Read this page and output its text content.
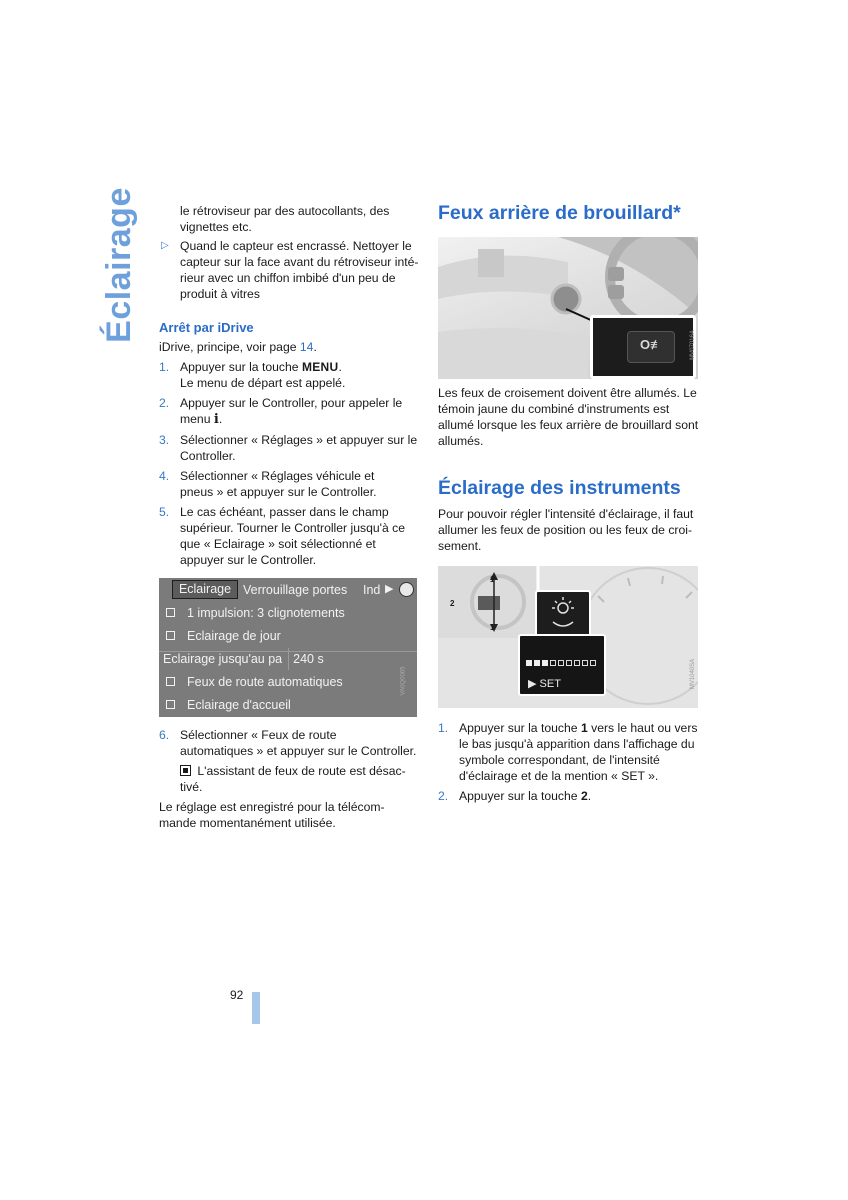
Éclairage	le rétroviseur par des autocollants, des

vignettes etc.

▷ Quand le capteur est encrassé. Nettoyer le

capteur sur la face avant du rétroviseur inté-

rieur avec un chiffon imbibé d'un peu de

produit à vitres

Arrêt par iDrive

iDrive, principe, voir page 14.

1. Appuyer sur la touche MENU.

Le menu de départ est appelé.

2. Appuyer sur le Controller, pour appeler le

menu i.

3. Sélectionner « Réglages » et appuyer sur le

Controller.

4. Sélectionner « Réglages véhicule et

pneus » et appuyer sur le Controller.

5. Le cas échéant, passer dans le champ

supérieur. Tourner le Controller jusqu'à ce

que « Eclairage » soit sélectionné et

appuyer sur le Controller.

Eclairage Verrouillage portes Ind ▶
1 impulsion: 3 clignotements
Eclairage de jour
Eclairage jusqu'au pa 240 s
Feux de route automatiques
Eclairage d'accueil
VA0Q0065
6. Sélectionner « Feux de route

automatiques » et appuyer sur le Controller.

L'assistant de feux de route est désac-

tivé.

Le réglage est enregistré pour la télécom-

mande momentanément utilisée.

Feux arrière de brouillard*
O≢	MV07016A

Les feux de croisement doivent être allumés. Le

témoin jaune du combiné d'instruments est

allumé lorsque les feux arrière de brouillard sont

allumés.

Éclairage des instruments

Pour pouvoir régler l'intensité d'éclairage, il faut

allumer les feux de position ou les feux de croi-

sement.

1
2
1
▶ SET	MV1040SA
1. Appuyer sur la touche 1 vers le haut ou vers

le bas jusqu'à apparition dans l'affichage du

symbole correspondant, de l'intensité

d'éclairage et de la mention « SET ».

2. Appuyer sur la touche 2.

92
